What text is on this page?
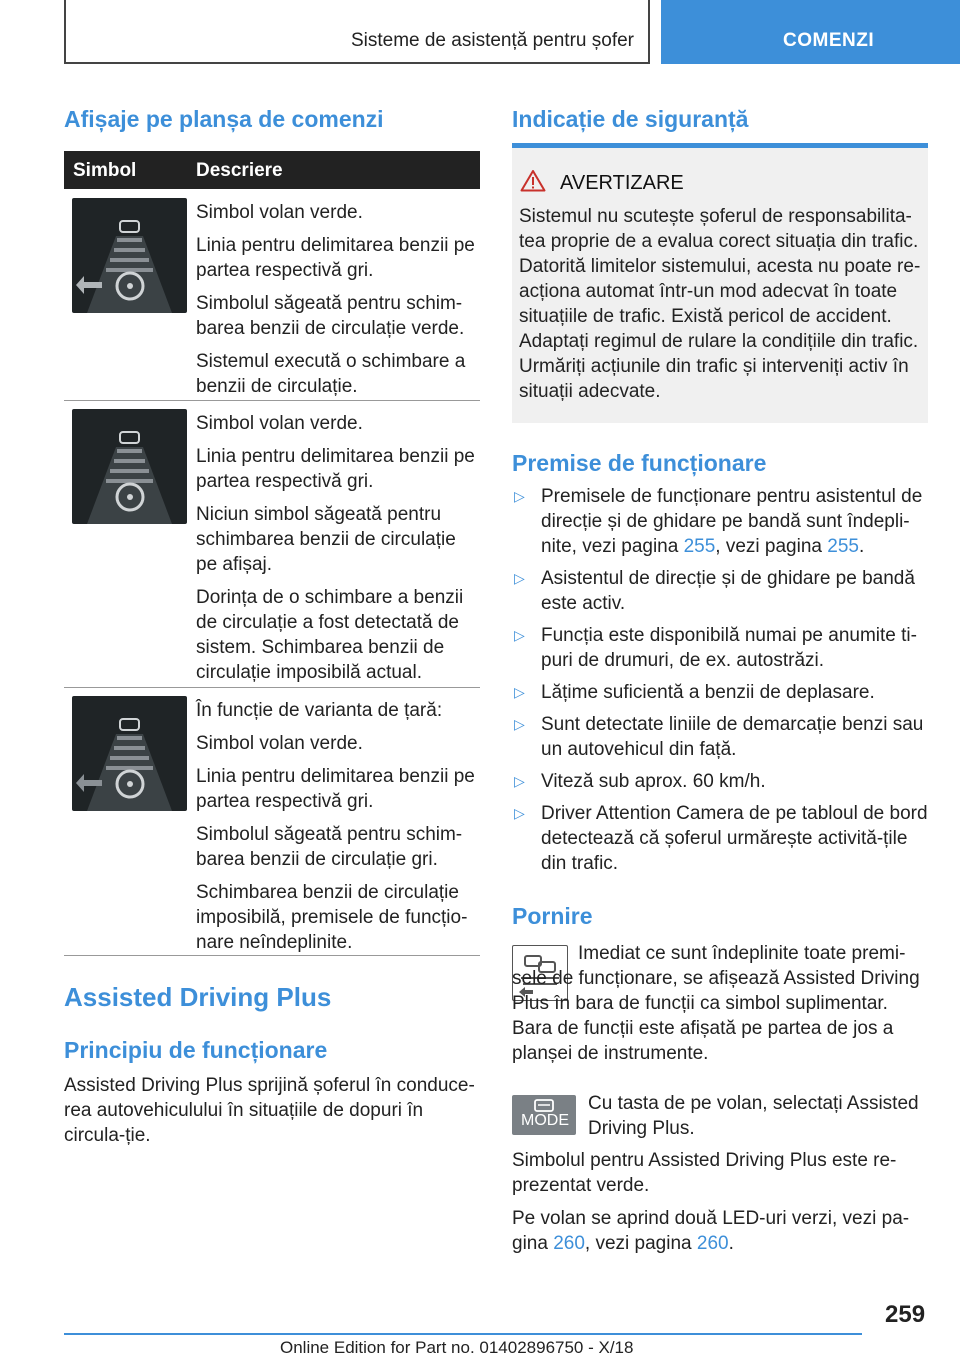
Sisteme de asistență pentru șofer	COMENZI
Afișaje pe planșa de comenzi
Simbol	Descriere

Simbol volan verde.

Linia pentru delimitarea benzii pe partea respectivă gri.

Simbolul săgeată pentru schim-barea benzii de circulație verde.

Sistemul execută o schimbare a benzii de circulație.

Simbol volan verde.

Linia pentru delimitarea benzii pe partea respectivă gri.

Niciun simbol săgeată pentru schimbarea benzii de circulație pe afișaj.

Dorința de o schimbare a benzii de circulație a fost detectată de sistem. Schimbarea benzii de circulație imposibilă actual.

În funcție de varianta de țară:

Simbol volan verde.

Linia pentru delimitarea benzii pe partea respectivă gri.

Simbolul săgeată pentru schim-barea benzii de circulație gri.

Schimbarea benzii de circulație imposibilă, premisele de funcțio-nare neîndeplinite.

Assisted Driving Plus
Principiu de funcționare
Assisted Driving Plus sprijină șoferul în conduce-rea autovehiculului în situațiile de dopuri în circula-ție.
Indicație de siguranță
AVERTIZARE
Sistemul nu scutește șoferul de responsabilita-tea proprie de a evalua corect situația din trafic. Datorită limitelor sistemului, acesta nu poate re-acționa automat într-un mod adecvat în toate situațiile de trafic. Există pericol de accident. Adaptați regimul de rulare la condițiile din trafic. Urmăriți acțiunile din trafic și interveniți activ în situații adecvate.
Premise de funcționare
▷ Premisele de funcționare pentru asistentul de direcție și de ghidare pe bandă sunt îndepli-nite, vezi pagina 255, vezi pagina 255.
▷ Asistentul de direcție și de ghidare pe bandă este activ.
▷ Funcția este disponibilă numai pe anumite ti-puri de drumuri, de ex. autostrăzi.
▷ Lățime suficientă a benzii de deplasare.
▷ Sunt detectate liniile de demarcație benzi sau un autovehicul din față.
▷ Viteză sub aprox. 60 km/h.
▷ Driver Attention Camera de pe tabloul de bord detectează că șoferul urmărește activită-țile din trafic.
Pornire
Imediat ce sunt îndeplinite toate premi-sele de funcționare, se afișează Assisted Driving Plus în bara de funcții ca simbol suplimentar. Bara de funcții este afișată pe partea de jos a planșei de instrumente.
MODE
Cu tasta de pe volan, selectați Assisted Driving Plus.
Simbolul pentru Assisted Driving Plus este re-prezentat verde.
Pe volan se aprind două LED-uri verzi, vezi pa-gina 260, vezi pagina 260.
259
Online Edition for Part no. 01402896750 - X/18
